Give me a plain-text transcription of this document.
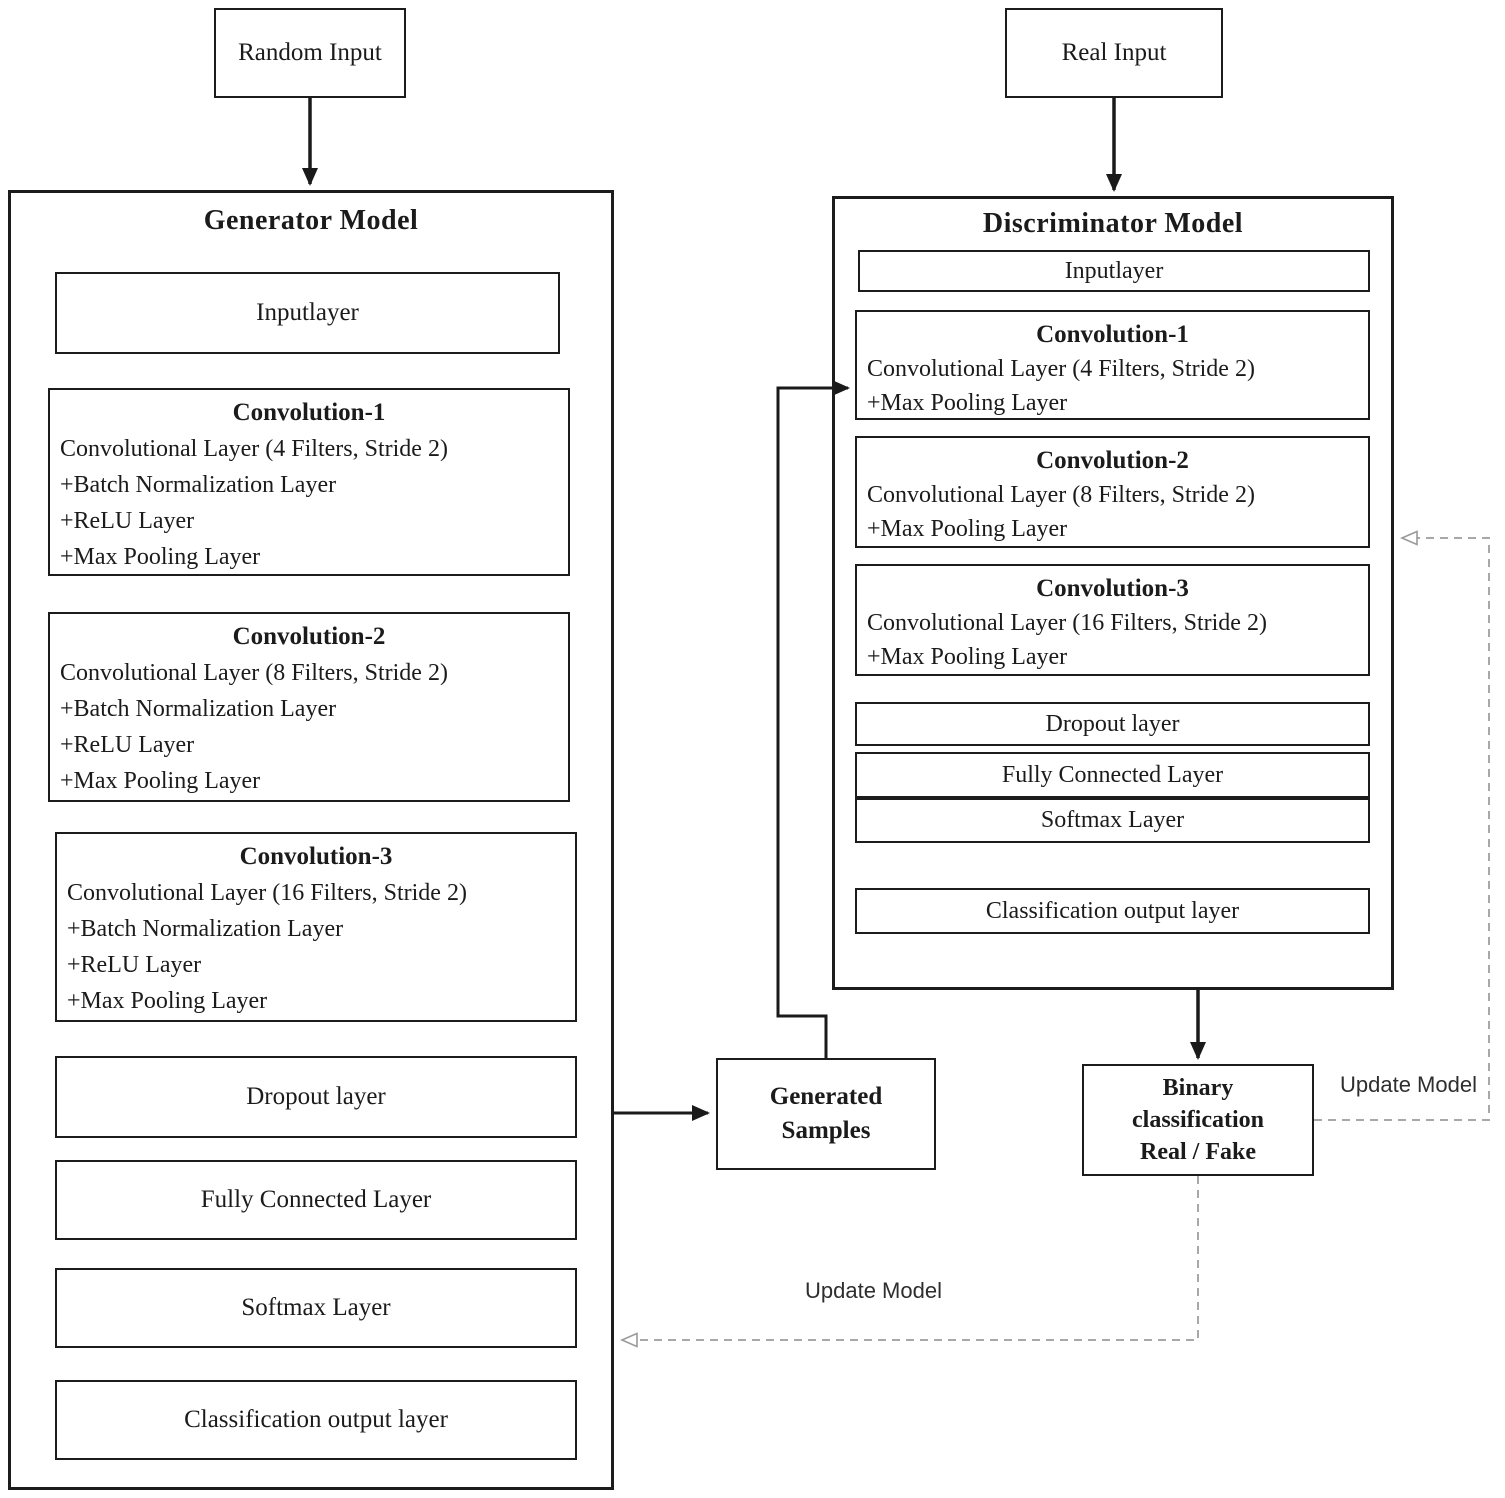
Random Input	Real Input
Generator Model
Inputlayer
Convolution-1
Convolutional Layer (4 Filters, Stride 2)
+Batch Normalization Layer
+ReLU Layer
+Max Pooling Layer
Convolution-2
Convolutional Layer (8 Filters, Stride 2)
+Batch Normalization Layer
+ReLU Layer
+Max Pooling Layer
Convolution-3
Convolutional Layer (16 Filters, Stride 2)
+Batch Normalization Layer
+ReLU Layer
+Max Pooling Layer
Dropout layer
Fully Connected Layer
Softmax Layer
Classification output layer
Discriminator Model
Inputlayer
Convolution-1
Convolutional Layer (4 Filters, Stride 2)
+Max Pooling Layer
Convolution-2
Convolutional Layer (8 Filters, Stride 2)
+Max Pooling Layer
Convolution-3
Convolutional Layer (16 Filters, Stride 2)
+Max Pooling Layer
Dropout layer
Fully Connected Layer
Softmax Layer
Classification output layer
Generated Samples
Binary
classification
Real / Fake
Update Model
Update Model
